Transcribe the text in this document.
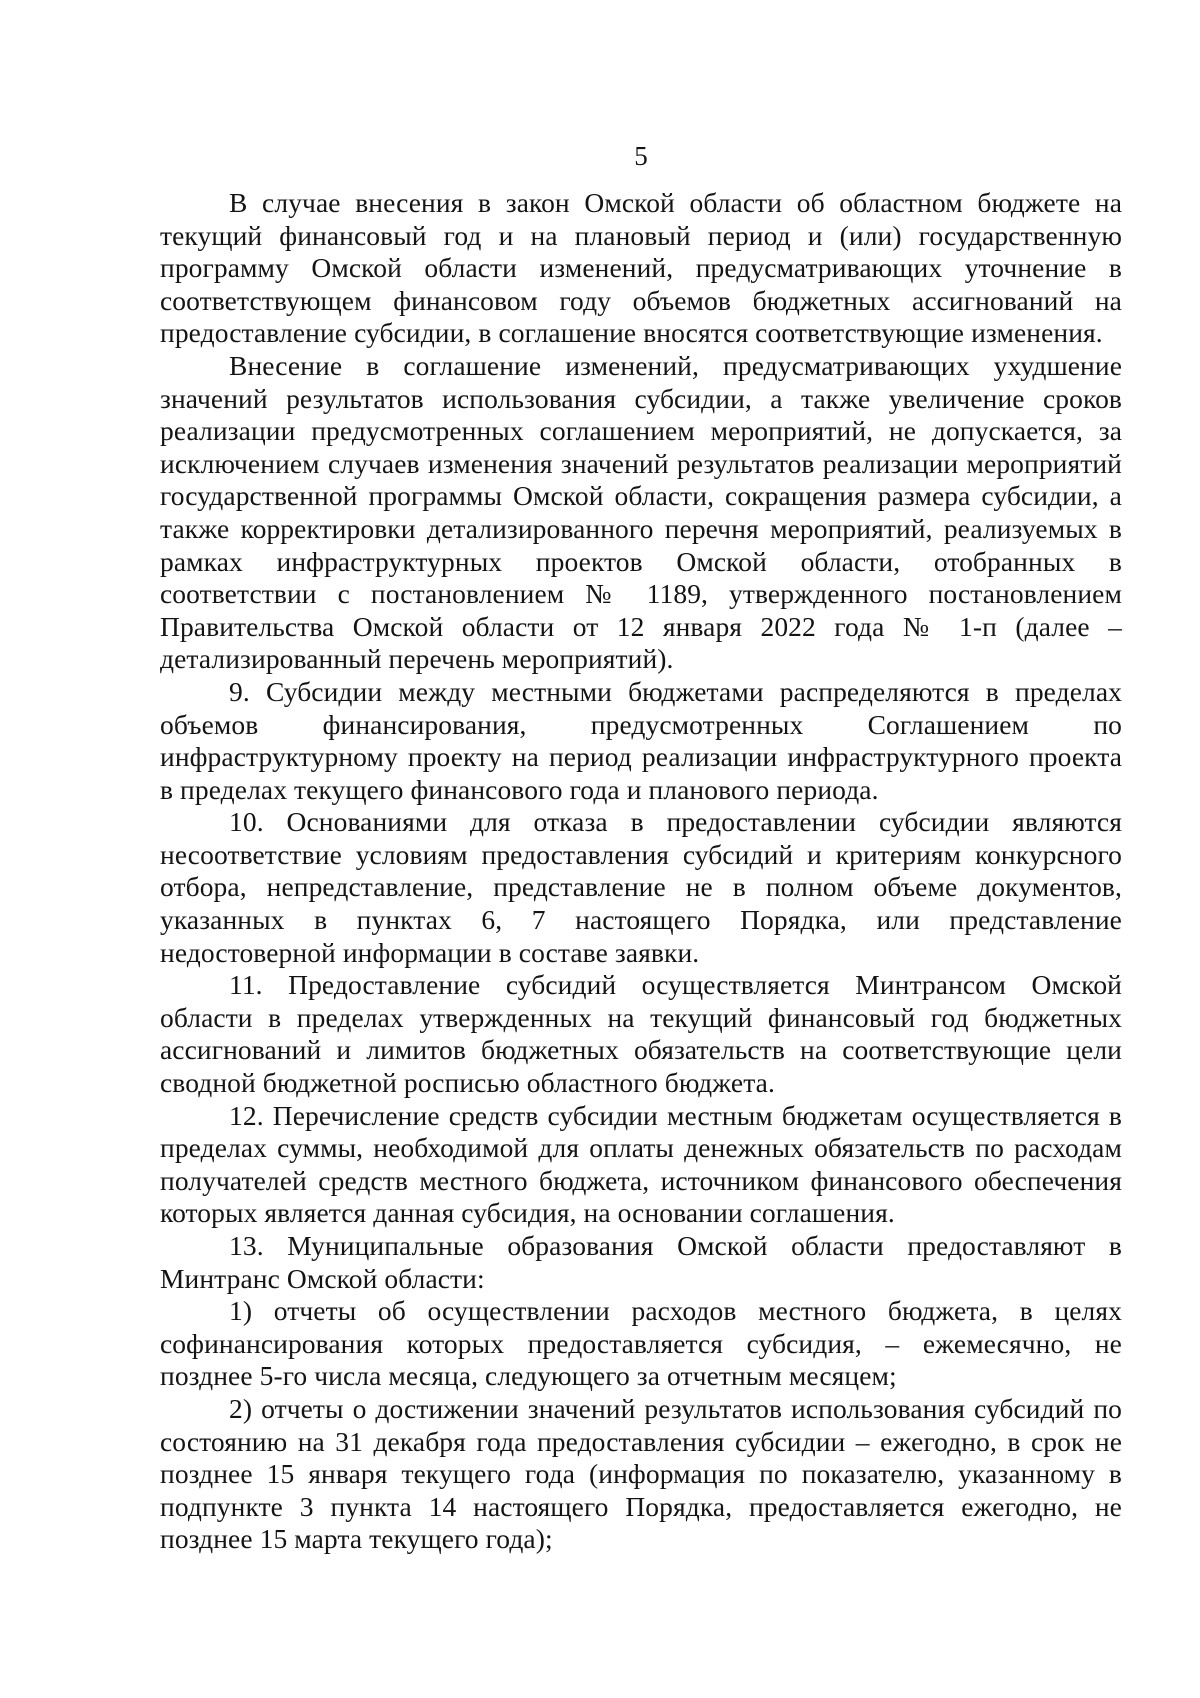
5

В случае внесения в закон Омской области об областном бюджете на текущий финансовый год и на плановый период и (или) государственную программу Омской области изменений, предусматривающих уточнение в соответствующем финансовом году объемов бюджетных ассигнований на предоставление субсидии, в соглашение вносятся соответствующие изменения.

Внесение в соглашение изменений, предусматривающих ухудшение значений результатов использования субсидии, а также увеличение сроков реализации предусмотренных соглашением мероприятий, не допускается, за исключением случаев изменения значений результатов реализации мероприятий государственной программы Омской области, сокращения размера субсидии, а также корректировки детализированного перечня мероприятий, реализуемых в рамках инфраструктурных проектов Омской области, отобранных в соответствии с постановлением № 1189, утвержденного постановлением Правительства Омской области от 12 января 2022 года № 1-п (далее – детализированный перечень мероприятий).

9. Субсидии между местными бюджетами распределяются в пределах объемов финансирования, предусмотренных Соглашением по инфраструктурному проекту на период реализации инфраструктурного проекта в пределах текущего финансового года и планового периода.

10. Основаниями для отказа в предоставлении субсидии являются несоответствие условиям предоставления субсидий и критериям конкурсного отбора, непредставление, представление не в полном объеме документов, указанных в пунктах 6, 7 настоящего Порядка, или представление недостоверной информации в составе заявки.

11. Предоставление субсидий осуществляется Минтрансом Омской области в пределах утвержденных на текущий финансовый год бюджетных ассигнований и лимитов бюджетных обязательств на соответствующие цели сводной бюджетной росписью областного бюджета.

12. Перечисление средств субсидии местным бюджетам осуществляется в пределах суммы, необходимой для оплаты денежных обязательств по расходам получателей средств местного бюджета, источником финансового обеспечения которых является данная субсидия, на основании соглашения.

13. Муниципальные образования Омской области предоставляют в Минтранс Омской области:

1) отчеты об осуществлении расходов местного бюджета, в целях софинансирования которых предоставляется субсидия, – ежемесячно, не позднее 5-го числа месяца, следующего за отчетным месяцем;

2) отчеты о достижении значений результатов использования субсидий по состоянию на 31 декабря года предоставления субсидии – ежегодно, в срок не позднее 15 января текущего года (информация по показателю, указанному в подпункте 3 пункта 14 настоящего Порядка, предоставляется ежегодно, не позднее 15 марта текущего года);
